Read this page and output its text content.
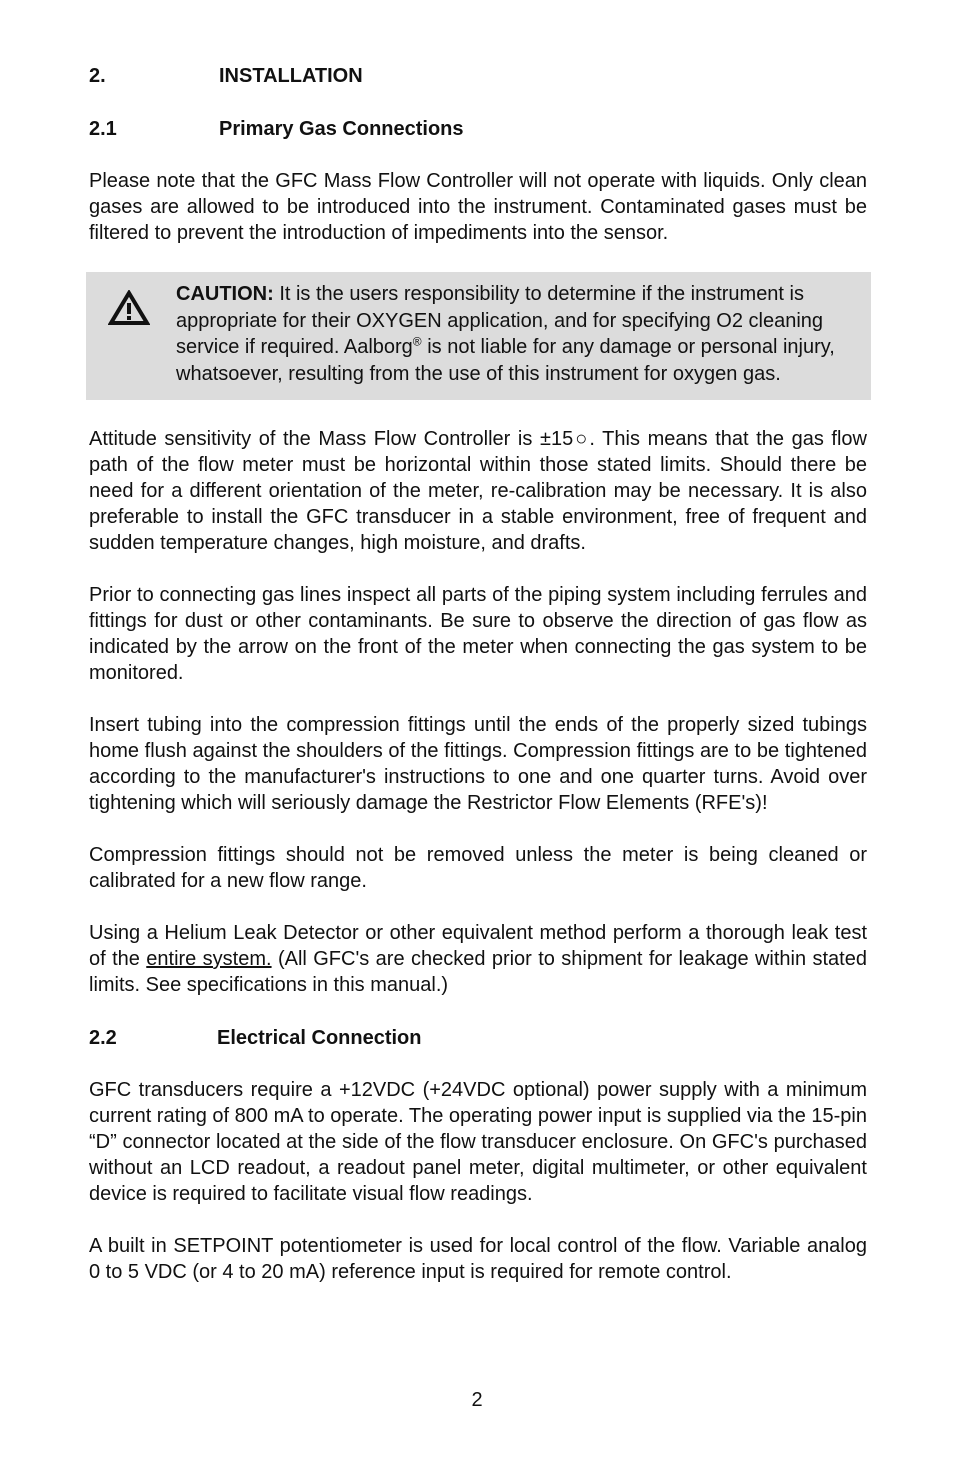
2.	INSTALLATION
2.1	Primary Gas Connections

Please note that the GFC Mass Flow Controller will not operate with liquids. Only clean gases are allowed to be introduced into the instrument. Contaminated gases must be filtered to prevent the introduction of impediments into the sensor.

CAUTION: It is the users responsibility to determine if the instrument is appropriate for their OXYGEN application, and for specifying O2 cleaning service if required. Aalborg® is not liable for any damage or personal injury, whatsoever, resulting from the use of this instrument for oxygen gas.

Attitude sensitivity of the Mass Flow Controller is ±15○. This means that the gas flow path of the flow meter must be horizontal within those stated limits. Should there be need for a different orientation of the meter, re-calibration may be necessary. It is also preferable to install the GFC transducer in a stable environment, free of frequent and sudden temperature changes, high moisture, and drafts.

Prior to connecting gas lines inspect all parts of the piping system including ferrules and fittings for dust or other contaminants. Be sure to observe the direction of gas flow as indicated by the arrow on the front of the meter when connecting the gas system to be monitored.

Insert tubing into the compression fittings until the ends of the properly sized tubings home flush against the shoulders of the fittings. Compression fittings are to be tightened according to the manufacturer's instructions to one and one quarter turns. Avoid over tightening which will seriously damage the Restrictor Flow Elements (RFE's)!

Compression fittings should not be removed unless the meter is being cleaned or calibrated for a new flow range.

Using a Helium Leak Detector or other equivalent method perform a thorough leak test of the entire system. (All GFC's are checked prior to shipment for leakage within stated limits. See specifications in this manual.)

2.2	Electrical Connection

GFC transducers require a +12VDC (+24VDC optional) power supply with a minimum current rating of 800 mA to operate. The operating power input is supplied via the 15-pin “D” connector located at the side of the flow transducer enclosure. On GFC's purchased without an LCD readout, a readout panel meter, digital multimeter, or other equivalent device is required to facilitate visual flow readings.

A built in SETPOINT potentiometer is used for local control of the flow. Variable analog 0 to 5 VDC (or 4 to 20 mA) reference input is required for remote control.

2
